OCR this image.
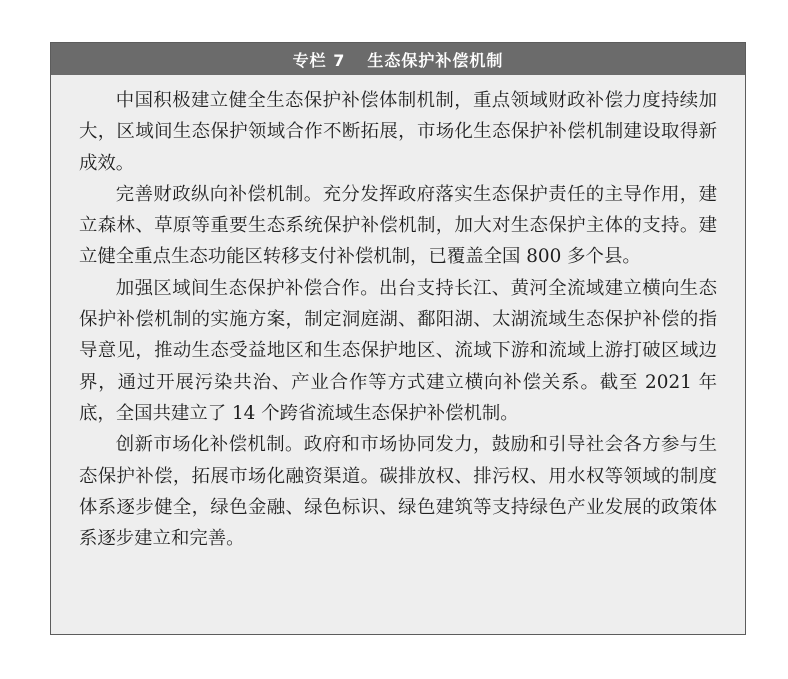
专栏 7 生态保护补偿机制

中国积极建立健全生态保护补偿体制机制，重点领域财政补偿力度持续加大，区域间生态保护领域合作不断拓展，市场化生态保护补偿机制建设取得新成效。

完善财政纵向补偿机制。充分发挥政府落实生态保护责任的主导作用，建立森林、草原等重要生态系统保护补偿机制，加大对生态保护主体的支持。建立健全重点生态功能区转移支付补偿机制，已覆盖全国 800 多个县。

加强区域间生态保护补偿合作。出台支持长江、黄河全流域建立横向生态保护补偿机制的实施方案，制定洞庭湖、鄱阳湖、太湖流域生态保护补偿的指导意见，推动生态受益地区和生态保护地区、流域下游和流域上游打破区域边界，通过开展污染共治、产业合作等方式建立横向补偿关系。截至 2021 年底，全国共建立了 14 个跨省流域生态保护补偿机制。

创新市场化补偿机制。政府和市场协同发力，鼓励和引导社会各方参与生态保护补偿，拓展市场化融资渠道。碳排放权、排污权、用水权等领域的制度体系逐步健全，绿色金融、绿色标识、绿色建筑等支持绿色产业发展的政策体系逐步建立和完善。
